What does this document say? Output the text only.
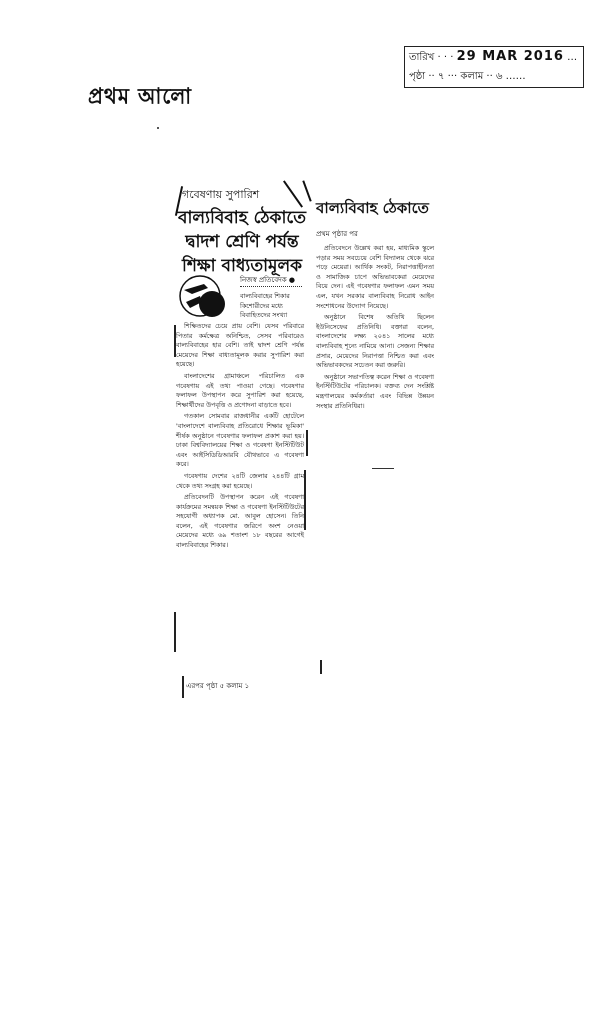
প্রথম আলো
তারিখ · · · 29 MAR 2016 …
পৃষ্ঠা ·· ৭ ··· কলাম ·· ৬ ……
গবেষণায় সুপারিশ
বাল্যবিবাহ ঠেকাতে দ্বাদশ শ্রেণি পর্যন্ত শিক্ষা বাধ্যতামূলক
বাল্যবিবাহ ঠেকাতে
প্রথম পৃষ্ঠার পর
নিজস্ব প্রতিবেদক ●
বাল্যবিবাহের শিকার কিশোরীদের মধ্যে বিবাহিতদের সংখ্যা

শিক্ষিতদের চেয়ে প্রায় বেশি। যেসব পরিবারে পিতার কর্মক্ষেত্র অনিশ্চিত, সেসব পরিবারেও বাল্যবিবাহের হার বেশি। তাই দ্বাদশ শ্রেণি পর্যন্ত মেয়েদের শিক্ষা বাধ্যতামূলক করার সুপারিশ করা হয়েছে।

বাংলাদেশের গ্রামাঞ্চলে পরিচালিত এক গবেষণায় এই তথ্য পাওয়া গেছে। গবেষণার ফলাফল উপস্থাপন করে সুপারিশ করা হয়েছে, শিক্ষার্থীদের উপবৃত্তি ও প্রণোদনা বাড়াতে হবে।

গতকাল সোমবার রাজধানীর একটি হোটেলে 'বাংলাদেশে বাল্যবিবাহ প্রতিরোধে শিক্ষার ভূমিকা' শীর্ষক অনুষ্ঠানে গবেষণার ফলাফল প্রকাশ করা হয়। ঢাকা বিশ্ববিদ্যালয়ের শিক্ষা ও গবেষণা ইনস্টিটিউট এবং আইসিডিডিআরবি যৌথভাবে এ গবেষণা করে।

গবেষণায় দেশের ২৪টি জেলার ২৪৪টি গ্রাম থেকে তথ্য সংগ্রহ করা হয়েছে।

প্রতিবেদনটি উপস্থাপন করেন এই গবেষণা কার্যক্রমের সমন্বয়ক শিক্ষা ও গবেষণা ইনস্টিটিউটের সহযোগী অধ্যাপক মো. আবুল হোসেন। তিনি বলেন, এই গবেষণার জরিপে অংশ নেওয়া মেয়েদের মধ্যে ৬৯ শতাংশ ১৮ বছরের আগেই বাল্যবিবাহের শিকার।

প্রতিবেদনে উল্লেখ করা হয়, মাধ্যমিক স্কুলে পড়ার সময় সবচেয়ে বেশি বিদ্যালয় থেকে ঝরে পড়ে মেয়েরা। আর্থিক সংকট, নিরাপত্তাহীনতা ও সামাজিক চাপে অভিভাবকেরা মেয়েদের বিয়ে দেন। এই গবেষণার ফলাফল এমন সময় এল, যখন সরকার বাল্যবিবাহ নিরোধ আইন সংশোধনের উদ্যোগ নিয়েছে।

অনুষ্ঠানে বিশেষ অতিথি ছিলেন ইউনিসেফের প্রতিনিধি। বক্তারা বলেন, বাংলাদেশের লক্ষ্য ২০৪১ সালের মধ্যে বাল্যবিবাহ শূন্যে নামিয়ে আনা। সেজন্য শিক্ষার প্রসার, মেয়েদের নিরাপত্তা নিশ্চিত করা এবং অভিভাবকদের সচেতন করা জরুরি।

অনুষ্ঠানে সভাপতিত্ব করেন শিক্ষা ও গবেষণা ইনস্টিটিউটের পরিচালক। বক্তব্য দেন সংশ্লিষ্ট মন্ত্রণালয়ের কর্মকর্তারা এবং বিভিন্ন উন্নয়ন সংস্থার প্রতিনিধিরা।

এরপর পৃষ্ঠা ৫ কলাম ১
